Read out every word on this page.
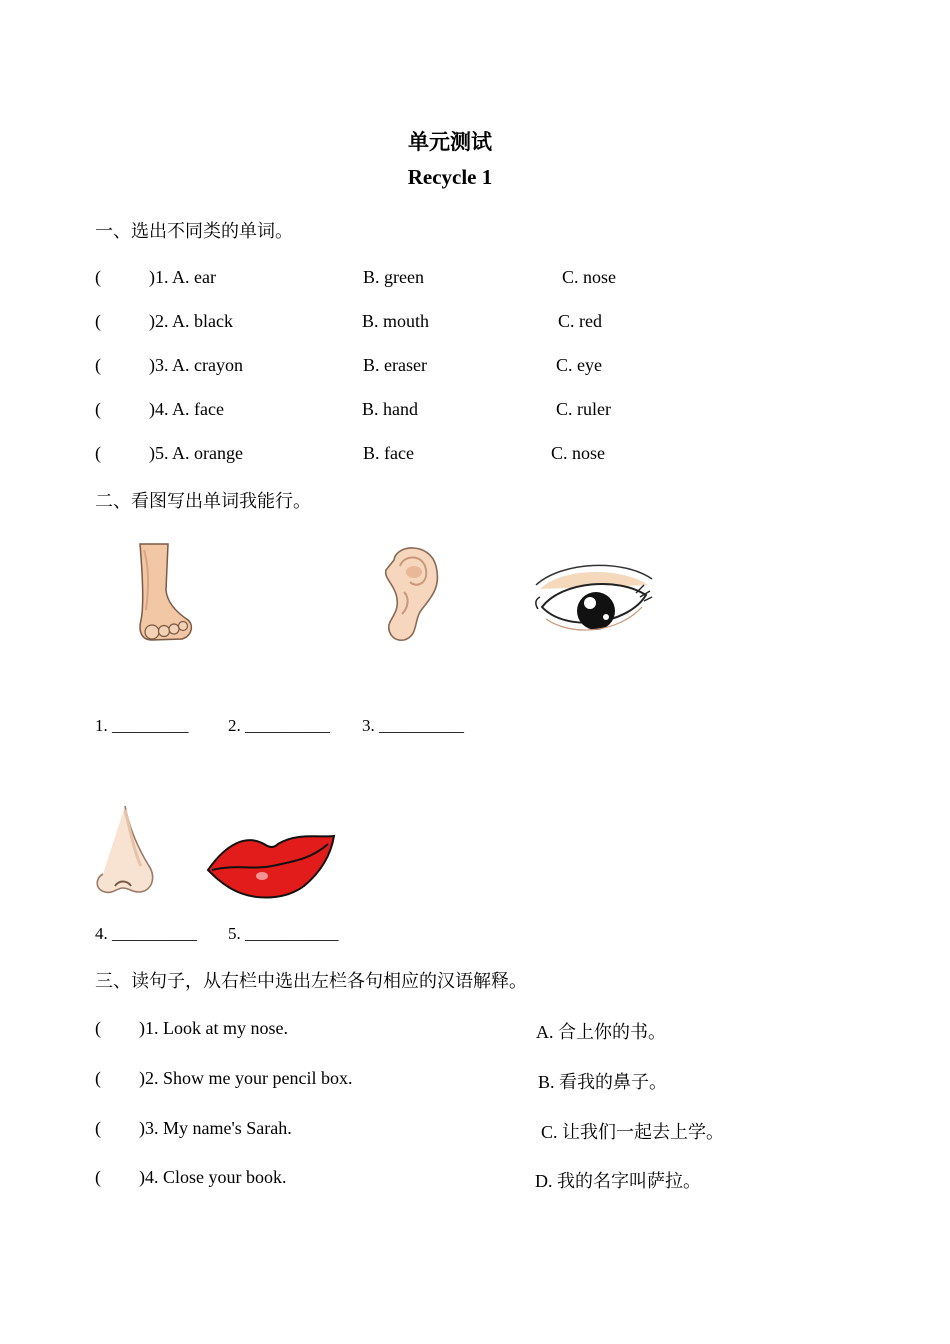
单元测试
Recycle 1
一、选出不同类的单词。
(	)1. A. ear	B. green	C. nose
(	)2. A. black	B. mouth	C. red
(	)3. A. crayon	B. eraser	C. eye
(	)4. A. face	B. hand	C. ruler
(	)5. A. orange	B. face	C. nose
二、看图写出单词我能行。
1. _________ 2. __________ 3. __________
4. __________ 5. ___________
三、读句子，从右栏中选出左栏各句相应的汉语解释。
( )1. Look at my nose.	A. 合上你的书。
( )2. Show me your pencil box.	B. 看我的鼻子。
( )3. My name's Sarah.	C. 让我们一起去上学。
( )4. Close your book.	D. 我的名字叫萨拉。
